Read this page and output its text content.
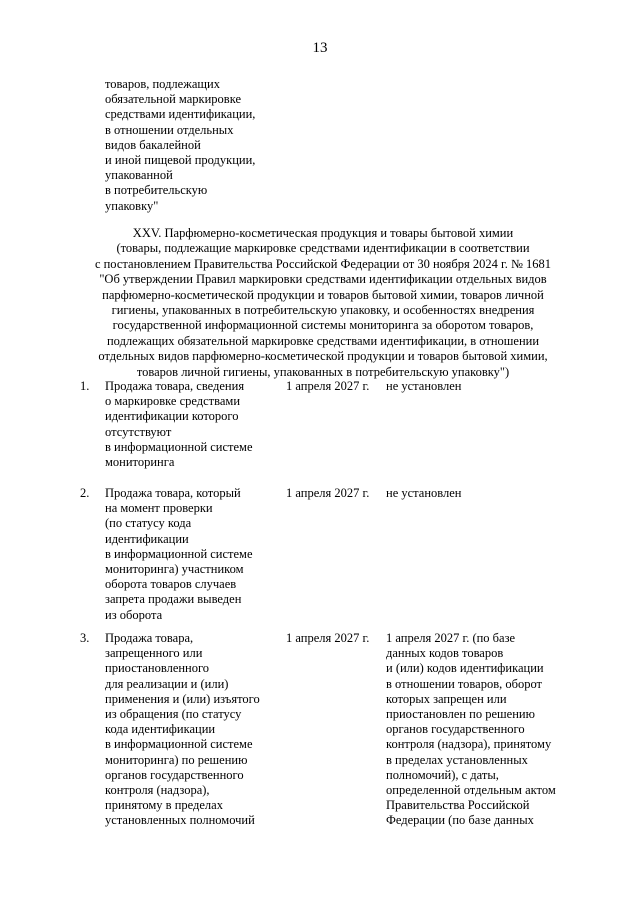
13
товаров, подлежащих
обязательной маркировке
средствами идентификации,
в отношении отдельных
видов бакалейной
и иной пищевой продукции,
упакованной
в потребительскую
упаковку"
XXV. Парфюмерно-косметическая продукция и товары бытовой химии
(товары, подлежащие маркировке средствами идентификации в соответствии
с постановлением Правительства Российской Федерации от 30 ноября 2024 г. № 1681
"Об утверждении Правил маркировки средствами идентификации отдельных видов
парфюмерно-косметической продукции и товаров бытовой химии, товаров личной
гигиены, упакованных в потребительскую упаковку, и особенностях внедрения
государственной информационной системы мониторинга за оборотом товаров,
подлежащих обязательной маркировке средствами идентификации, в отношении
отдельных видов парфюмерно-косметической продукции и товаров бытовой химии,
товаров личной гигиены, упакованных в потребительскую упаковку")
1. Продажа товара, сведения
о маркировке средствами
идентификации которого
отсутствуют
в информационной системе
мониторинга
1 апреля 2027 г. не установлен
2. Продажа товара, который
на момент проверки
(по статусу кода
идентификации
в информационной системе
мониторинга) участником
оборота товаров случаев
запрета продажи выведен
из оборота
1 апреля 2027 г. не установлен
3. Продажа товара,
запрещенного или
приостановленного
для реализации и (или)
применения и (или) изъятого
из обращения (по статусу
кода идентификации
в информационной системе
мониторинга) по решению
органов государственного
контроля (надзора),
принятому в пределах
установленных полномочий
1 апреля 2027 г. 1 апреля 2027 г. (по базе
данных кодов товаров
и (или) кодов идентификации
в отношении товаров, оборот
которых запрещен или
приостановлен по решению
органов государственного
контроля (надзора), принятому
в пределах установленных
полномочий), с даты,
определенной отдельным актом
Правительства Российской
Федерации (по базе данных
